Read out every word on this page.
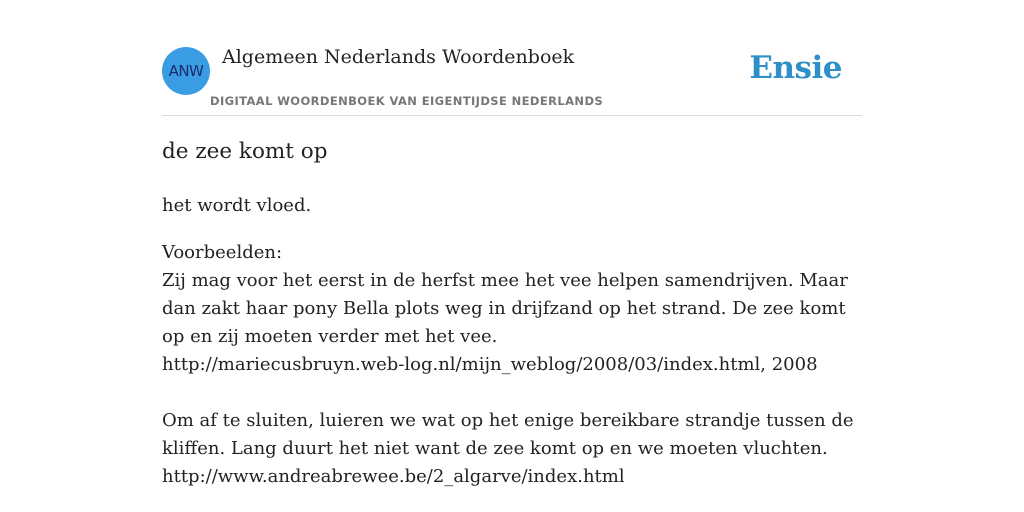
ANW
Algemeen Nederlands Woordenboek
DIGITAAL WOORDENBOEK VAN EIGENTIJDSE NEDERLANDS
Ensie
de zee komt op
het wordt vloed.

Voorbeelden:

Zij mag voor het eerst in de herfst mee het vee helpen samendrijven. Maar dan zakt haar pony Bella plots weg in drijfzand op het strand. De zee komt op en zij moeten verder met het vee.

http://mariecusbruyn.web-log.nl/mijn_weblog/2008/03/index.html, 2008

Om af te sluiten, luieren we wat op het enige bereikbare strandje tussen de kliffen. Lang duurt het niet want de zee komt op en we moeten vluchten.

http://www.andreabrewee.be/2_algarve/index.html
